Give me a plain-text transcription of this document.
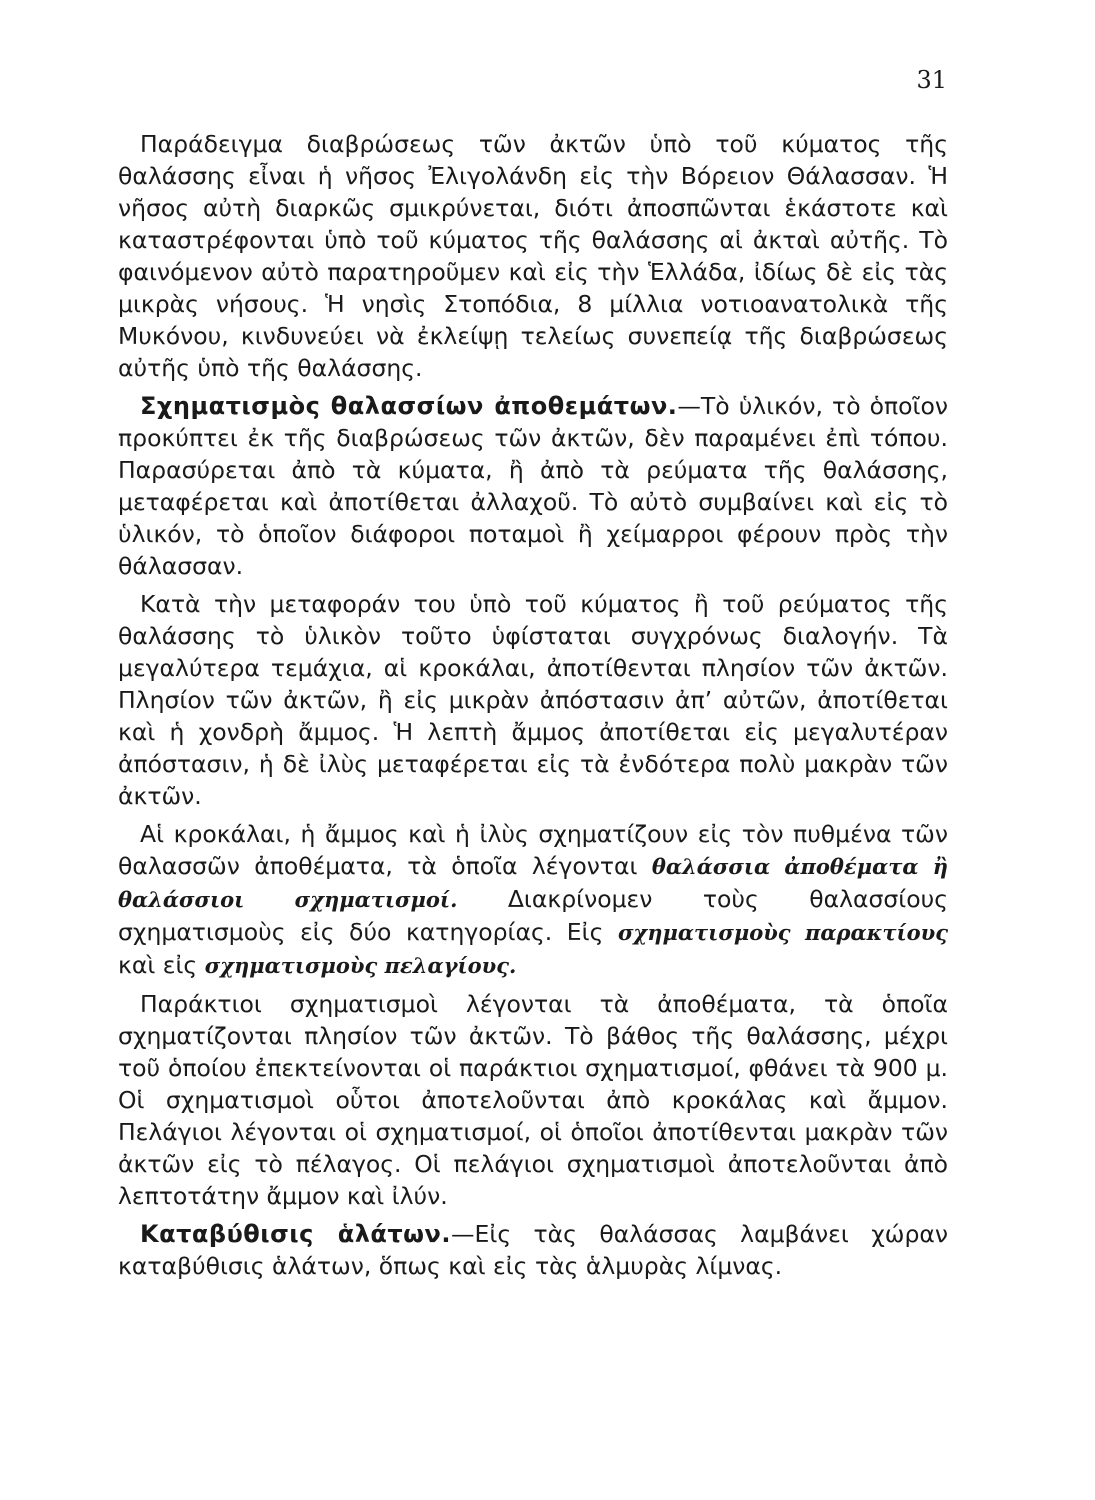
31

Παράδειγμα διαβρώσεως τῶν ἀκτῶν ὑπὸ τοῦ κύματος τῆς θαλάσσης εἶναι ἡ νῆσος Ἐλιγολάνδη εἰς τὴν Βόρειον Θάλασσαν. Ἡ νῆσος αὐτὴ διαρκῶς σμικρύνεται, διότι ἀποσπῶνται ἑκάστοτε καὶ καταστρέφονται ὑπὸ τοῦ κύματος τῆς θαλάσσης αἱ ἀκταὶ αὐτῆς. Τὸ φαινόμενον αὐτὸ παρατηροῦμεν καὶ εἰς τὴν Ἑλλάδα, ἰδίως δὲ εἰς τὰς μικρὰς νήσους. Ἡ νησὶς Στοπόδια, 8 μίλλια νοτιοανατολικὰ τῆς Μυκόνου, κινδυνεύει νὰ ἐκλείψῃ τελείως συνεπείᾳ τῆς διαβρώσεως αὐτῆς ὑπὸ τῆς θαλάσσης.

Σχηματισμὸς θαλασσίων ἀποθεμάτων.—Τὸ ὑλικόν, τὸ ὁποῖον προκύπτει ἐκ τῆς διαβρώσεως τῶν ἀκτῶν, δὲν παραμένει ἐπὶ τόπου. Παρασύρεται ἀπὸ τὰ κύματα, ἢ ἀπὸ τὰ ρεύματα τῆς θαλάσσης, μεταφέρεται καὶ ἀποτίθεται ἀλλαχοῦ. Τὸ αὐτὸ συμβαίνει καὶ εἰς τὸ ὑλικόν, τὸ ὁποῖον διάφοροι ποταμοὶ ἢ χείμαρροι φέρουν πρὸς τὴν θάλασσαν.

Κατὰ τὴν μεταφοράν του ὑπὸ τοῦ κύματος ἢ τοῦ ρεύματος τῆς θαλάσσης τὸ ὑλικὸν τοῦτο ὑφίσταται συγχρόνως διαλογήν. Τὰ μεγαλύτερα τεμάχια, αἱ κροκάλαι, ἀποτίθενται πλησίον τῶν ἀκτῶν. Πλησίον τῶν ἀκτῶν, ἢ εἰς μικρὰν ἀπόστασιν ἀπ’ αὐτῶν, ἀποτίθεται καὶ ἡ χονδρὴ ἄμμος. Ἡ λεπτὴ ἄμμος ἀποτίθεται εἰς μεγαλυτέραν ἀπόστασιν, ἡ δὲ ἰλὺς μεταφέρεται εἰς τὰ ἐνδότερα πολὺ μακρὰν τῶν ἀκτῶν.

Αἱ κροκάλαι, ἡ ἄμμος καὶ ἡ ἰλὺς σχηματίζουν εἰς τὸν πυθμένα τῶν θαλασσῶν ἀποθέματα, τὰ ὁποῖα λέγονται θαλάσσια ἀποθέματα ἢ θαλάσσιοι σχηματισμοί. Διακρίνομεν τοὺς θαλασσίους σχηματισμοὺς εἰς δύο κατηγορίας. Εἰς σχηματισμοὺς παρακτίους καὶ εἰς σχηματισμοὺς πελαγίους.

Παράκτιοι σχηματισμοὶ λέγονται τὰ ἀποθέματα, τὰ ὁποῖα σχηματίζονται πλησίον τῶν ἀκτῶν. Τὸ βάθος τῆς θαλάσσης, μέχρι τοῦ ὁποίου ἐπεκτείνονται οἱ παράκτιοι σχηματισμοί, φθάνει τὰ 900 μ. Οἱ σχηματισμοὶ οὗτοι ἀποτελοῦνται ἀπὸ κροκάλας καὶ ἄμμον. Πελάγιοι λέγονται οἱ σχηματισμοί, οἱ ὁποῖοι ἀποτίθενται μακρὰν τῶν ἀκτῶν εἰς τὸ πέλαγος. Οἱ πελάγιοι σχηματισμοὶ ἀποτελοῦνται ἀπὸ λεπτοτάτην ἄμμον καὶ ἰλύν.

Καταβύθισις ἁλάτων.—Εἰς τὰς θαλάσσας λαμβάνει χώραν καταβύθισις ἁλάτων, ὅπως καὶ εἰς τὰς ἁλμυρὰς λίμνας.
